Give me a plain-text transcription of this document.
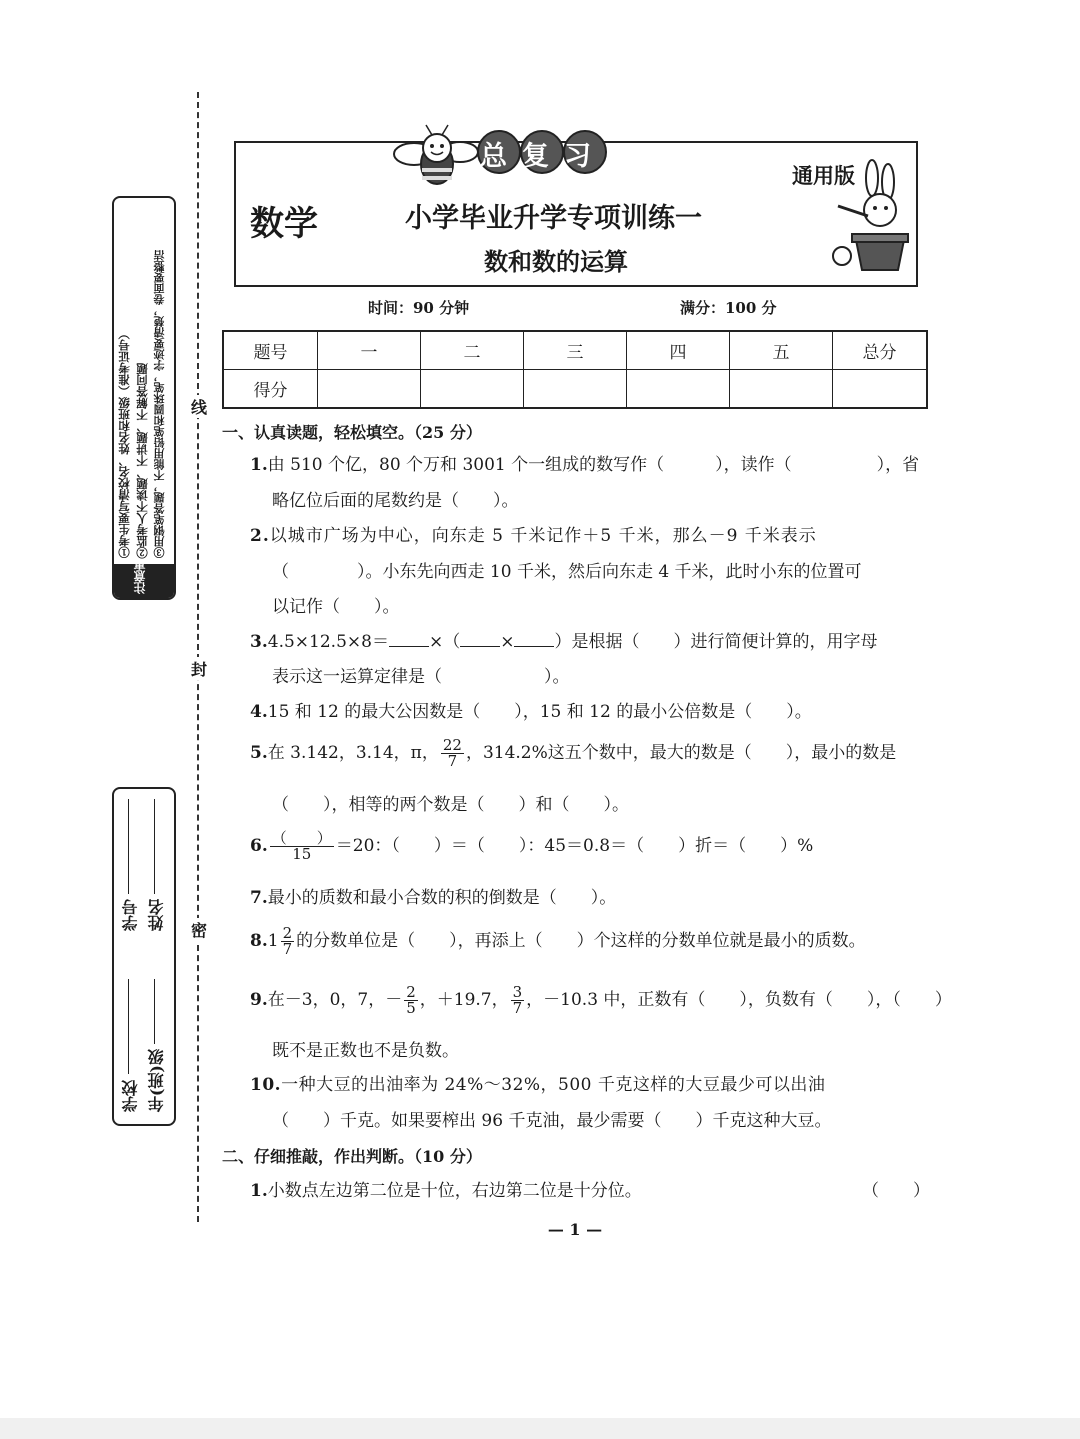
线
封
密
注意事项
①考生要写清校名、姓名和班级（准考证号） ②监考人不读题、不讲题、不解答问题 ③用钢笔答题，不能用铅笔和圆珠笔，字迹要清楚，卷面要整洁
学校 年(班)级
学号 姓名
总复习
数学	小学毕业升学专项训练一
数和数的运算
通用版
时间：90 分钟	满分：100 分
题号	一	二	三	四	五	总分
得分						
一、认真读题，轻松填空。（25 分）
1.由 510 个亿，80 个万和 3001 个一组成的数写作（　　　），读作（　　　　　），省
略亿位后面的尾数约是（　　）。
2.以城市广场为中心，向东走 5 千米记作＋5 千米，那么－9 千米表示
（　　　　）。小东先向西走 10 千米，然后向东走 4 千米，此时小东的位置可
以记作（　　）。
3.4.5×12.5×8＝ ×（ × ）是根据（　　）进行简便计算的，用字母
表示这一运算定律是（　　　　　　）。
4.15 和 12 的最大公因数是（　　），15 和 12 的最小公倍数是（　　）。
5.在 3.142，3.14，π， $\frac{22}{7}$ ，314.2%这五个数中，最大的数是（　　），最小的数是
（　　），相等的两个数是（　　）和（　　）。
6. $\frac{( )}{15} =20$：（　　）＝（　　）：45＝0.8＝（　　）折＝（　　）%
7.最小的质数和最小合数的积的倒数是（　　）。
$8.1 \frac{2}{7}$ 的分数单位是（　　），再添上（　　）个这样的分数单位就是最小的质数。
9.在－3，0，7，－ $\frac{2}{5}$ ，＋19.7， $\frac{3}{7}$ ，－10.3 中，正数有（　　），负数有（　　），（　　）
既不是正数也不是负数。
10.一种大豆的出油率为 24%～32%，500 千克这样的大豆最少可以出油
（　　）千克。如果要榨出 96 千克油，最少需要（　　）千克这种大豆。
二、仔细推敲，作出判断。（10 分）
1.小数点左边第二位是十位，右边第二位是十分位。	（　　）
— 1 —
